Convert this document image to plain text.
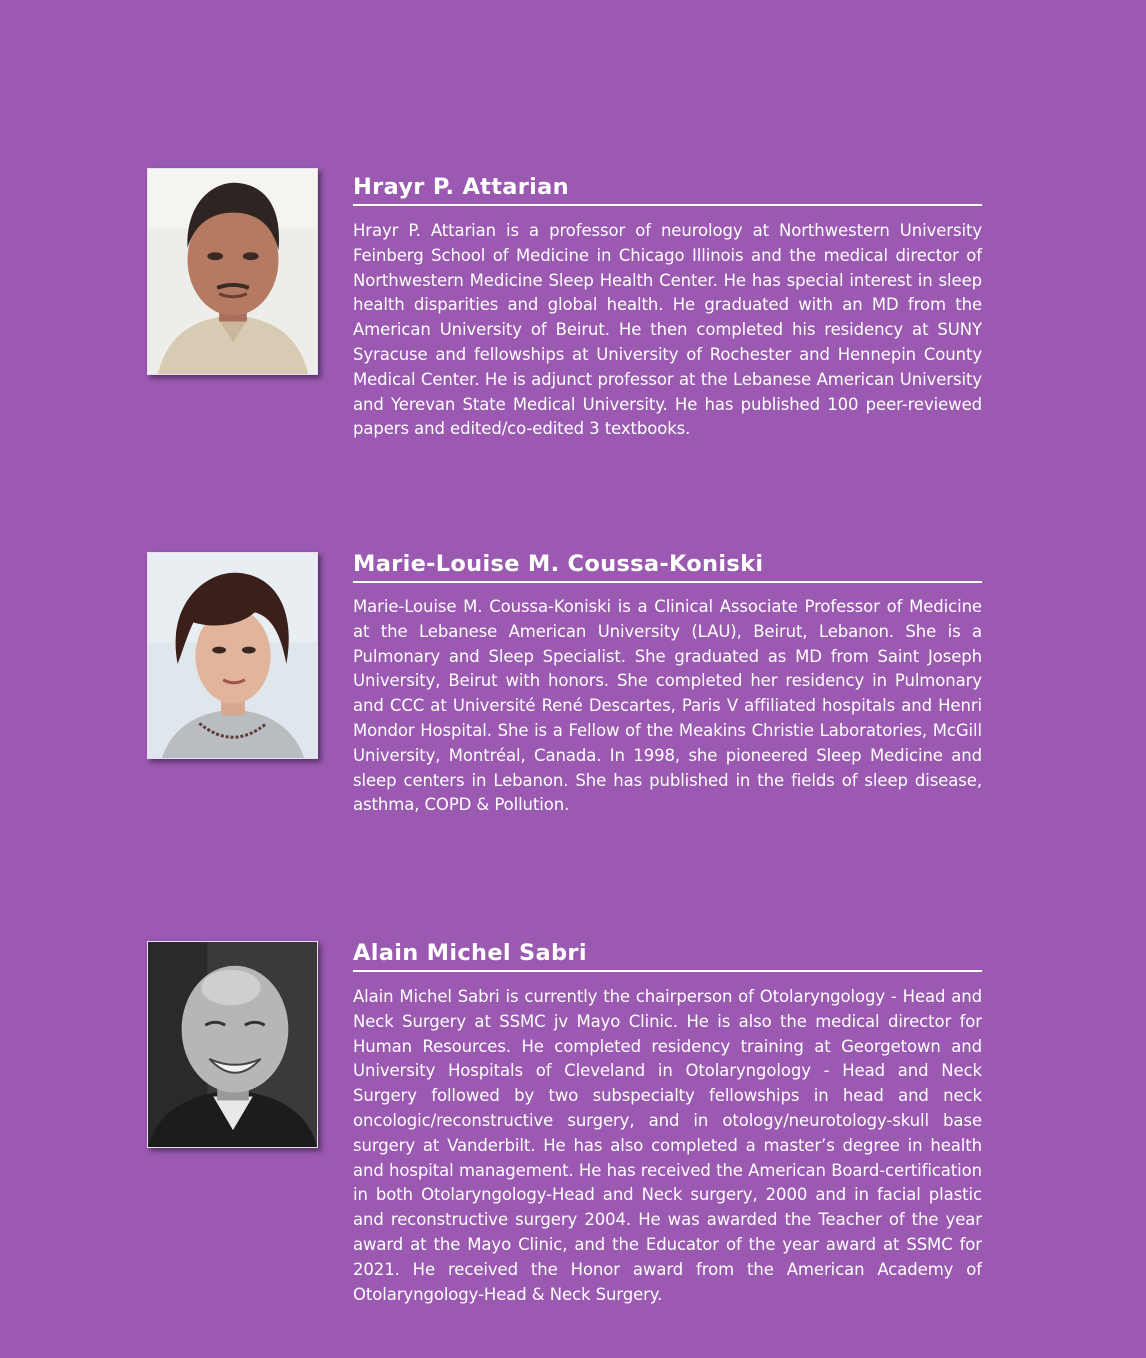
Hrayr P. Attarian

Hrayr P. Attarian is a professor of neurology at Northwestern University Feinberg School of Medicine in Chicago Illinois and the medical director of Northwestern Medicine Sleep Health Center. He has special interest in sleep health disparities and global health. He graduated with an MD from the American University of Beirut. He then completed his residency at SUNY Syracuse and fellowships at University of Rochester and Hennepin County Medical Center. He is adjunct professor at the Lebanese American University and Yerevan State Medical University. He has published 100 peer-reviewed papers and edited/co-edited 3 textbooks.

Marie-Louise M. Coussa-Koniski

Marie-Louise M. Coussa-Koniski is a Clinical Associate Professor of Medicine at the Lebanese American University (LAU), Beirut, Lebanon. She is a Pulmonary and Sleep Specialist. She graduated as MD from Saint Joseph University, Beirut with honors. She completed her residency in Pulmonary and CCC at Université René Descartes, Paris V affiliated hospitals and Henri Mondor Hospital. She is a Fellow of the Meakins Christie Laboratories, McGill University, Montréal, Canada. In 1998, she pioneered Sleep Medicine and sleep centers in Lebanon. She has published in the fields of sleep disease, asthma, COPD & Pollution.

Alain Michel Sabri

Alain Michel Sabri is currently the chairperson of Otolaryngology - Head and Neck Surgery at SSMC jv Mayo Clinic. He is also the medical director for Human Resources. He completed residency training at Georgetown and University Hospitals of Cleveland in Otolaryngology - Head and Neck Surgery followed by two subspecialty fellowships in head and neck oncologic/reconstructive surgery, and in otology/neurotology-skull base surgery at Vanderbilt. He has also completed a master’s degree in health and hospital management. He has received the American Board-certification in both Otolaryngology-Head and Neck surgery, 2000 and in facial plastic and reconstructive surgery 2004. He was awarded the Teacher of the year award at the Mayo Clinic, and the Educator of the year award at SSMC for 2021. He received the Honor award from the American Academy of Otolaryngology-Head & Neck Surgery.
